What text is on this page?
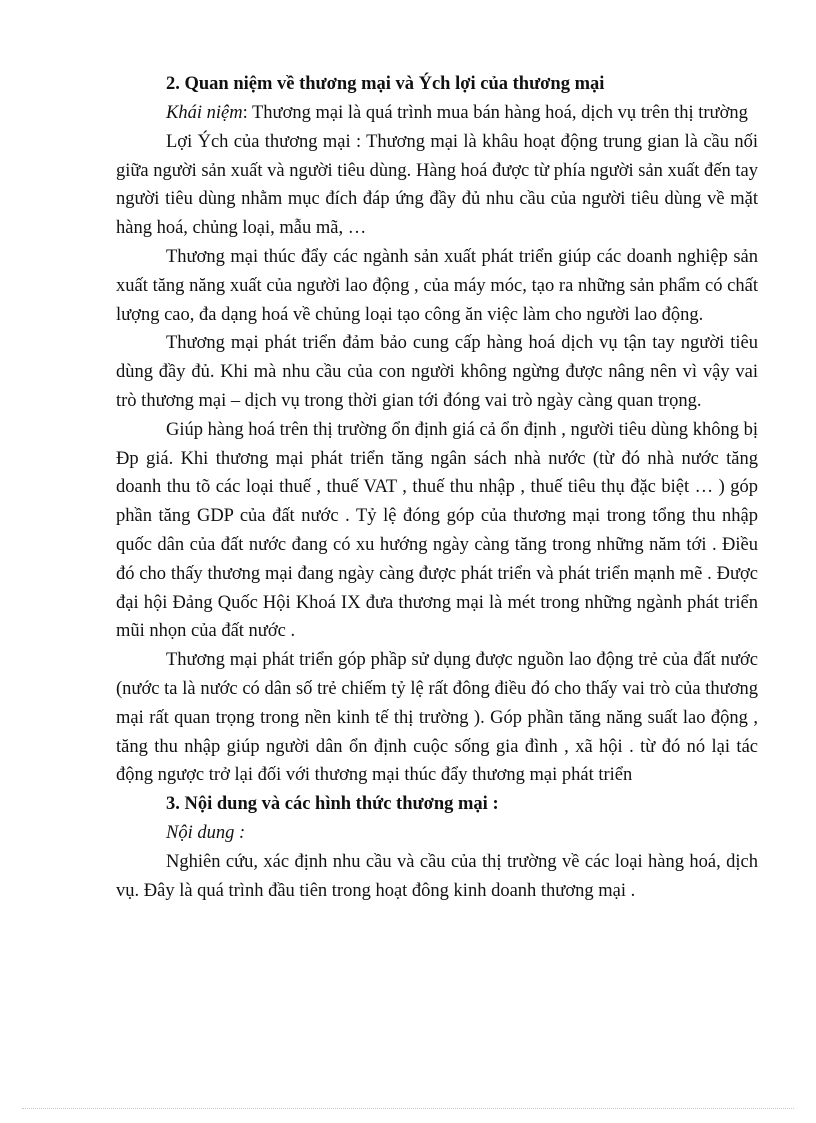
2. Quan niệm về thương mại và Ých lợi của thương mại

Khái niệm: Thương mại là quá trình mua bán hàng hoá, dịch vụ trên thị trường

Lợi Ých của thương mại : Thương mại là khâu hoạt động trung gian là cầu nối giữa người sản xuất và người tiêu dùng. Hàng hoá được từ phía người sản xuất đến tay người tiêu dùng nhằm mục đích đáp ứng đầy đủ nhu cầu của người tiêu dùng về mặt hàng hoá, chủng loại, mẫu mã, …

Thương mại thúc đẩy các ngành sản xuất phát triển giúp các doanh nghiệp sản xuất tăng năng xuất của người lao động , của máy móc, tạo ra những sản phẩm có chất lượng cao, đa dạng hoá về chủng loại tạo công ăn việc làm cho người lao động.

Thương mại phát triển đảm bảo cung cấp hàng hoá dịch vụ tận tay người tiêu dùng đầy đủ. Khi mà nhu cầu của con người không ngừng được nâng nên vì vậy vai trò thương mại – dịch vụ trong thời gian tới đóng vai trò ngày càng quan trọng.

Giúp hàng hoá trên thị trường ổn định giá cả ổn định , người tiêu dùng không bị Ðp giá. Khi thương mại phát triển tăng ngân sách nhà nước (từ đó nhà nước tăng doanh thu tõ các loại thuế , thuế VAT , thuế thu nhập , thuế tiêu thụ đặc biệt … ) góp phần tăng GDP của đất nước . Tỷ lệ đóng góp của thương mại trong tổng thu nhập quốc dân của đất nước đang có xu hướng ngày càng tăng trong những năm tới . Điều đó cho thấy thương mại đang ngày càng được phát triển và phát triển mạnh mẽ . Được đại hội Đảng Quốc Hội Khoá IX đưa thương mại là mét trong những ngành phát triển mũi nhọn của đất nước .

Thương mại phát triển góp phầp sử dụng được nguồn lao động trẻ của đất nước (nước ta là nước có dân số trẻ chiếm tỷ lệ rất đông điều đó cho thấy vai trò của thương mại rất quan trọng trong nền kinh tế thị trường ). Góp phần tăng năng suất lao động , tăng thu nhập giúp người dân ổn định cuộc sống gia đình , xã hội . từ đó nó lại tác động ngược trở lại đối với thương mại thúc đẩy thương mại phát triển

3. Nội dung và các hình thức thương mại :

Nội dung :

Nghiên cứu, xác định nhu cầu và cầu của thị trường về các loại hàng hoá, dịch vụ. Đây là quá trình đầu tiên trong hoạt đông kinh doanh thương mại .
